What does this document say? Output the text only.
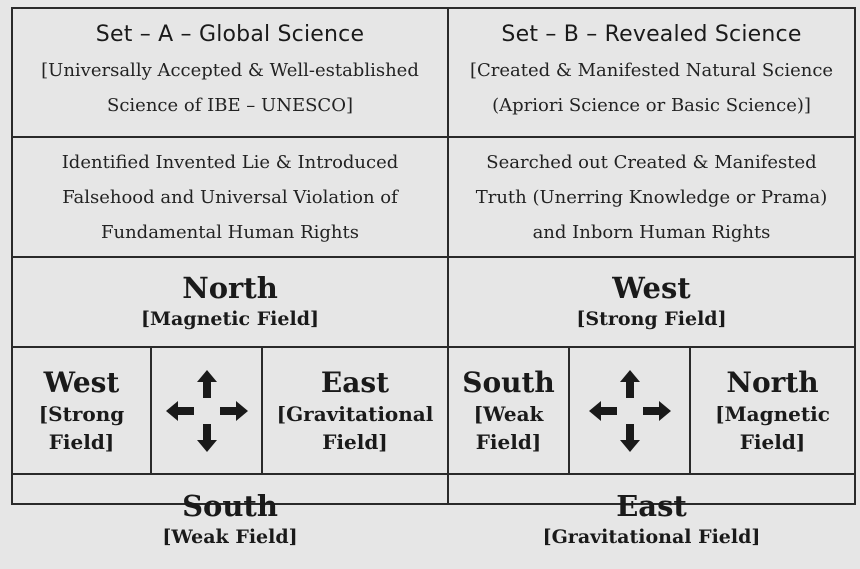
Set – A – Global Science
[Universally Accepted & Well-established
Science of IBE – UNESCO]
Set – B – Revealed Science
[Created & Manifested Natural Science
(Apriori Science or Basic Science)]
Identified Invented Lie & Introduced
Falsehood and Universal Violation of
Fundamental Human Rights
Searched out Created & Manifested
Truth (Unerring Knowledge or Prama)
and Inborn Human Rights
North
[Magnetic Field]
West
[Strong Field]
West
[Strong
Field]
East
[Gravitational
Field]
South
[Weak
Field]
North
[Magnetic
Field]
South
[Weak Field]
East
[Gravitational Field]
